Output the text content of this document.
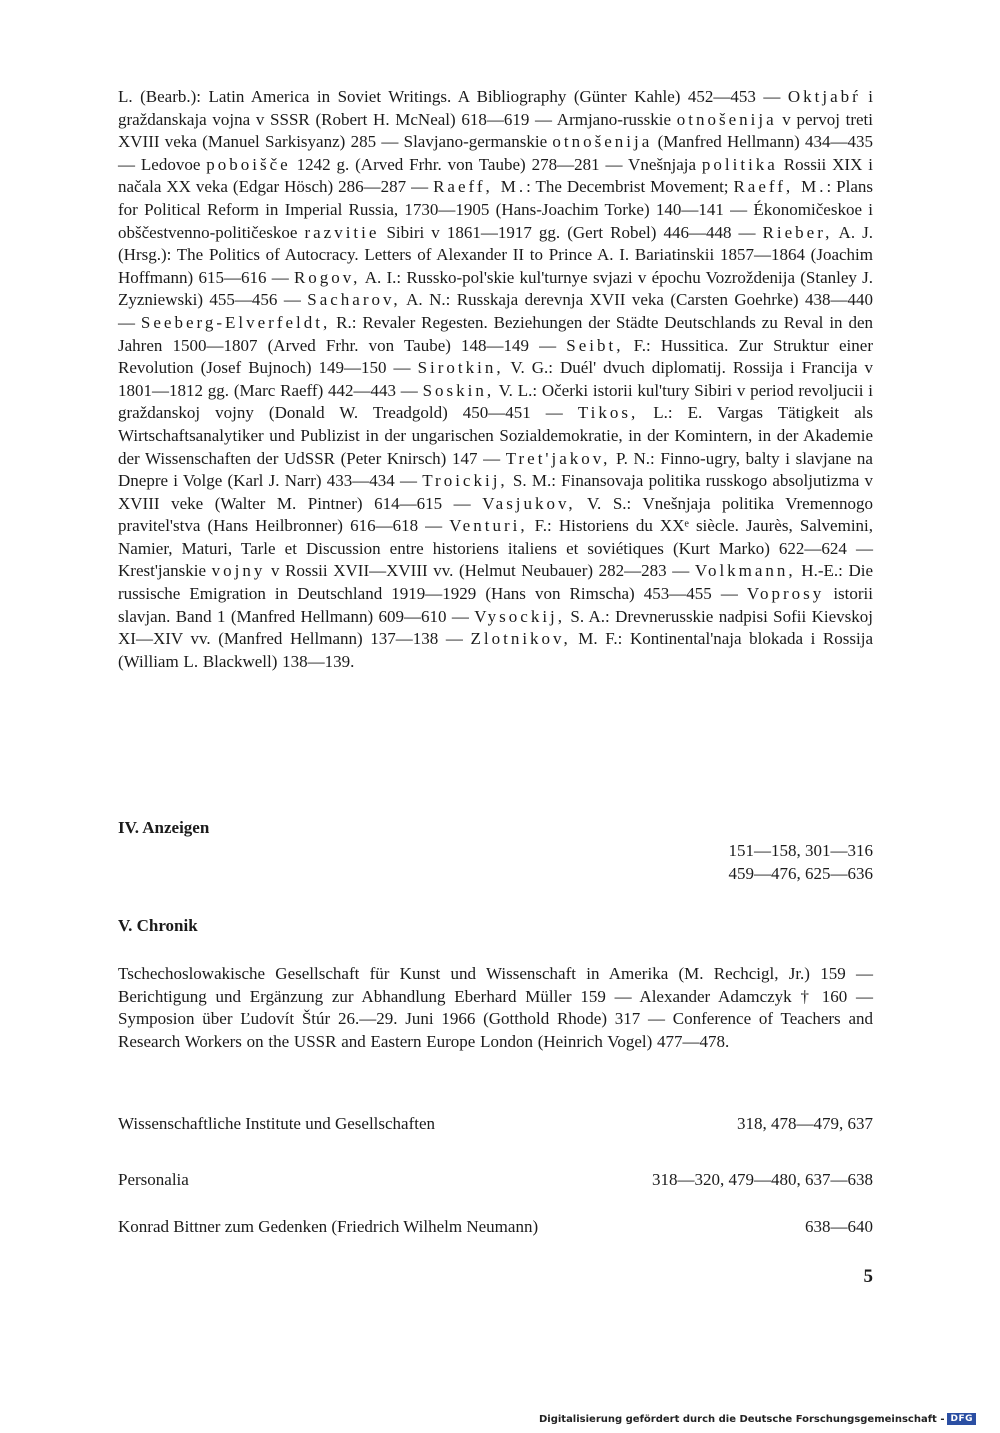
L. (Bearb.): Latin America in Soviet Writings. A Bibliography (Günter Kahle) 452—453 — Oktjabŕ i graždanskaja vojna v SSSR (Robert H. McNeal) 618—619 — Armjano-russkie otnošenija v pervoj treti XVIII veka (Manuel Sarkisyanz) 285 — Slavjano-germanskie otnošenija (Manfred Hellmann) 434—435 — Ledovoe poboišče 1242 g. (Arved Frhr. von Taube) 278—281 — Vnešnjaja politika Rossii XIX i načala XX veka (Edgar Hösch) 286—287 — Raeff, M.: The Decembrist Movement; Raeff, M.: Plans for Political Reform in Imperial Russia, 1730—1905 (Hans-Joachim Torke) 140—141 — Ékonomičeskoe i obščestvenno-političeskoe razvitie Sibiri v 1861—1917 gg. (Gert Robel) 446—448 — Rieber, A. J. (Hrsg.): The Politics of Autocracy. Letters of Alexander II to Prince A. I. Bariatinskii 1857—1864 (Joachim Hoffmann) 615—616 — Rogov, A. I.: Russko-pol'skie kul'turnye svjazi v épochu Vozroždenija (Stanley J. Zyzniewski) 455—456 — Sacharov, A. N.: Russkaja derevnja XVII veka (Carsten Goehrke) 438—440 — Seeberg-Elverfeldt, R.: Revaler Regesten. Beziehungen der Städte Deutschlands zu Reval in den Jahren 1500—1807 (Arved Frhr. von Taube) 148—149 — Seibt, F.: Hussitica. Zur Struktur einer Revolution (Josef Bujnoch) 149—150 — Sirotkin, V. G.: Duél' dvuch diplomatij. Rossija i Francija v 1801—1812 gg. (Marc Raeff) 442—443 — Soskin, V. L.: Očerki istorii kul'tury Sibiri v period revoljucii i graždanskoj vojny (Donald W. Treadgold) 450—451 — Tikos, L.: E. Vargas Tätigkeit als Wirtschaftsanalytiker und Publizist in der ungarischen Sozialdemokratie, in der Komintern, in der Akademie der Wissenschaften der UdSSR (Peter Knirsch) 147 — Tret'jakov, P. N.: Finno-ugry, balty i slavjane na Dnepre i Volge (Karl J. Narr) 433—434 — Troickij, S. M.: Finansovaja politika russkogo absoljutizma v XVIII veke (Walter M. Pintner) 614—615 — Vasjukov, V. S.: Vnešnjaja politika Vremennogo pravitel'stva (Hans Heilbronner) 616—618 — Venturi, F.: Historiens du XXᵉ siècle. Jaurès, Salvemini, Namier, Maturi, Tarle et Discussion entre historiens italiens et soviétiques (Kurt Marko) 622—624 — Krest'janskie vojny v Rossii XVII—XVIII vv. (Helmut Neubauer) 282—283 — Volkmann, H.-E.: Die russische Emigration in Deutschland 1919—1929 (Hans von Rimscha) 453—455 — Voprosy istorii slavjan. Band 1 (Manfred Hellmann) 609—610 — Vysockij, S. A.: Drevnerusskie nadpisi Sofii Kievskoj XI—XIV vv. (Manfred Hellmann) 137—138 — Zlotnikov, M. F.: Kontinental'naja blokada i Rossija (William L. Blackwell) 138—139.

IV. Anzeigen

151—158, 301—316
459—476, 625—636

V. Chronik

Tschechoslowakische Gesellschaft für Kunst und Wissenschaft in Amerika (M. Rechcigl, Jr.) 159 — Berichtigung und Ergänzung zur Abhandlung Eberhard Müller 159 — Alexander Adamczyk † 160 — Symposion über Ľudovít Štúr 26.—29. Juni 1966 (Gotthold Rhode) 317 — Conference of Teachers and Research Workers on the USSR and Eastern Europe London (Heinrich Vogel) 477—478.

Wissenschaftliche Institute und Gesellschaften	318, 478—479, 637
Personalia	318—320, 479—480, 637—638
Konrad Bittner zum Gedenken (Friedrich Wilhelm Neumann)	638—640
5
Digitalisierung gefördert durch die Deutsche Forschungsgemeinschaft - DFG
